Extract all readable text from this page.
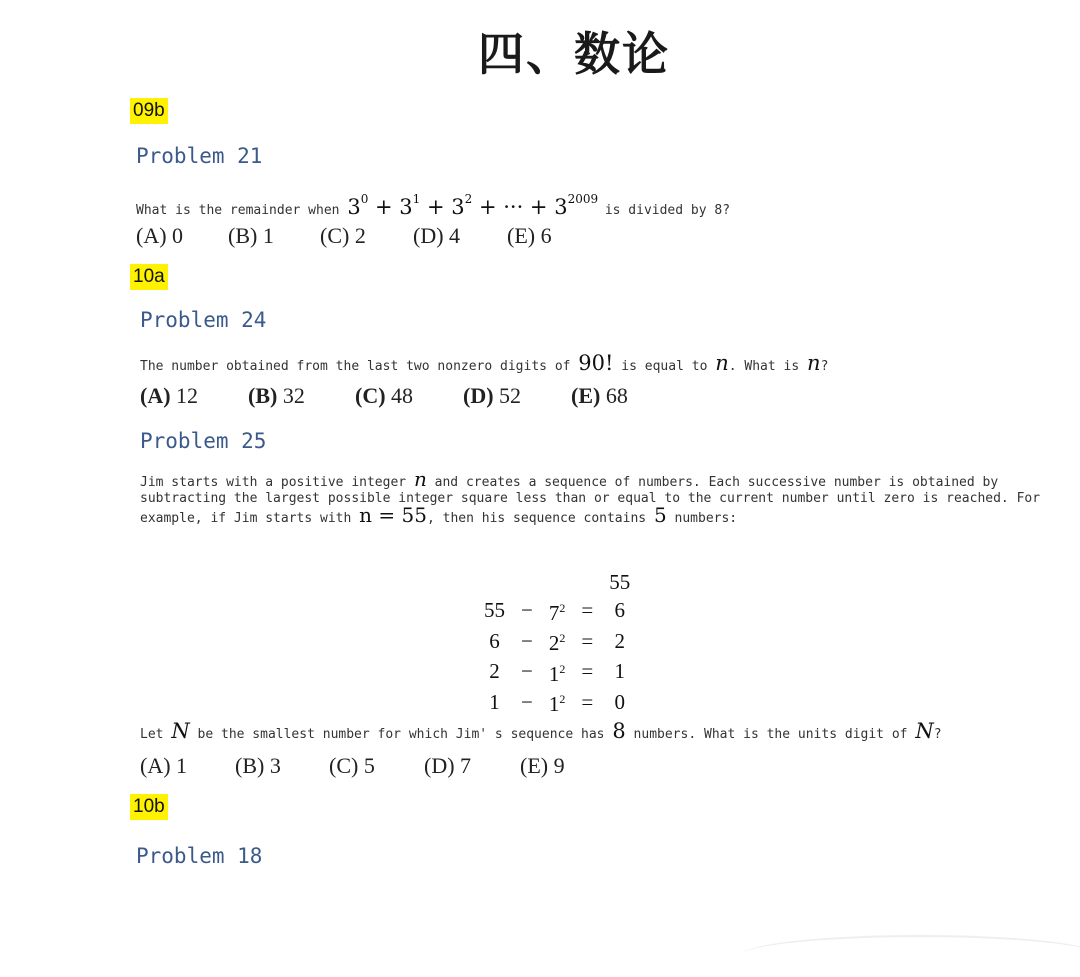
四、数论
09b
Problem 21
What is the remainder when $3^0 + 3^1 + 3^2$ + ··· + $3^{2009}$ is divided by 8?
(A) 0 (B) 1 (C) 2 (D) 4 (E) 6
10a
Problem 24
The number obtained from the last two nonzero digits of 90! is equal to n. What is n?
(A) 12 (B) 32 (C) 48 (D) 52 (E) 68
Problem 25
Jim starts with a positive integer n and creates a sequence of numbers. Each successive number is obtained by
subtracting the largest possible integer square less than or equal to the current number until zero is reached. For
example, if Jim starts with n = 55, then his sequence contains 5 numbers:
				55
55	−	$7^2$	=	6
6	−	$2^2$	=	2
2	−	$1^2$	=	1
1	−	$1^2$	=	0
Let N be the smallest number for which Jim' s sequence has 8 numbers. What is the units digit of N?
(A) 1 (B) 3 (C) 5 (D) 7 (E) 9
10b
Problem 18
